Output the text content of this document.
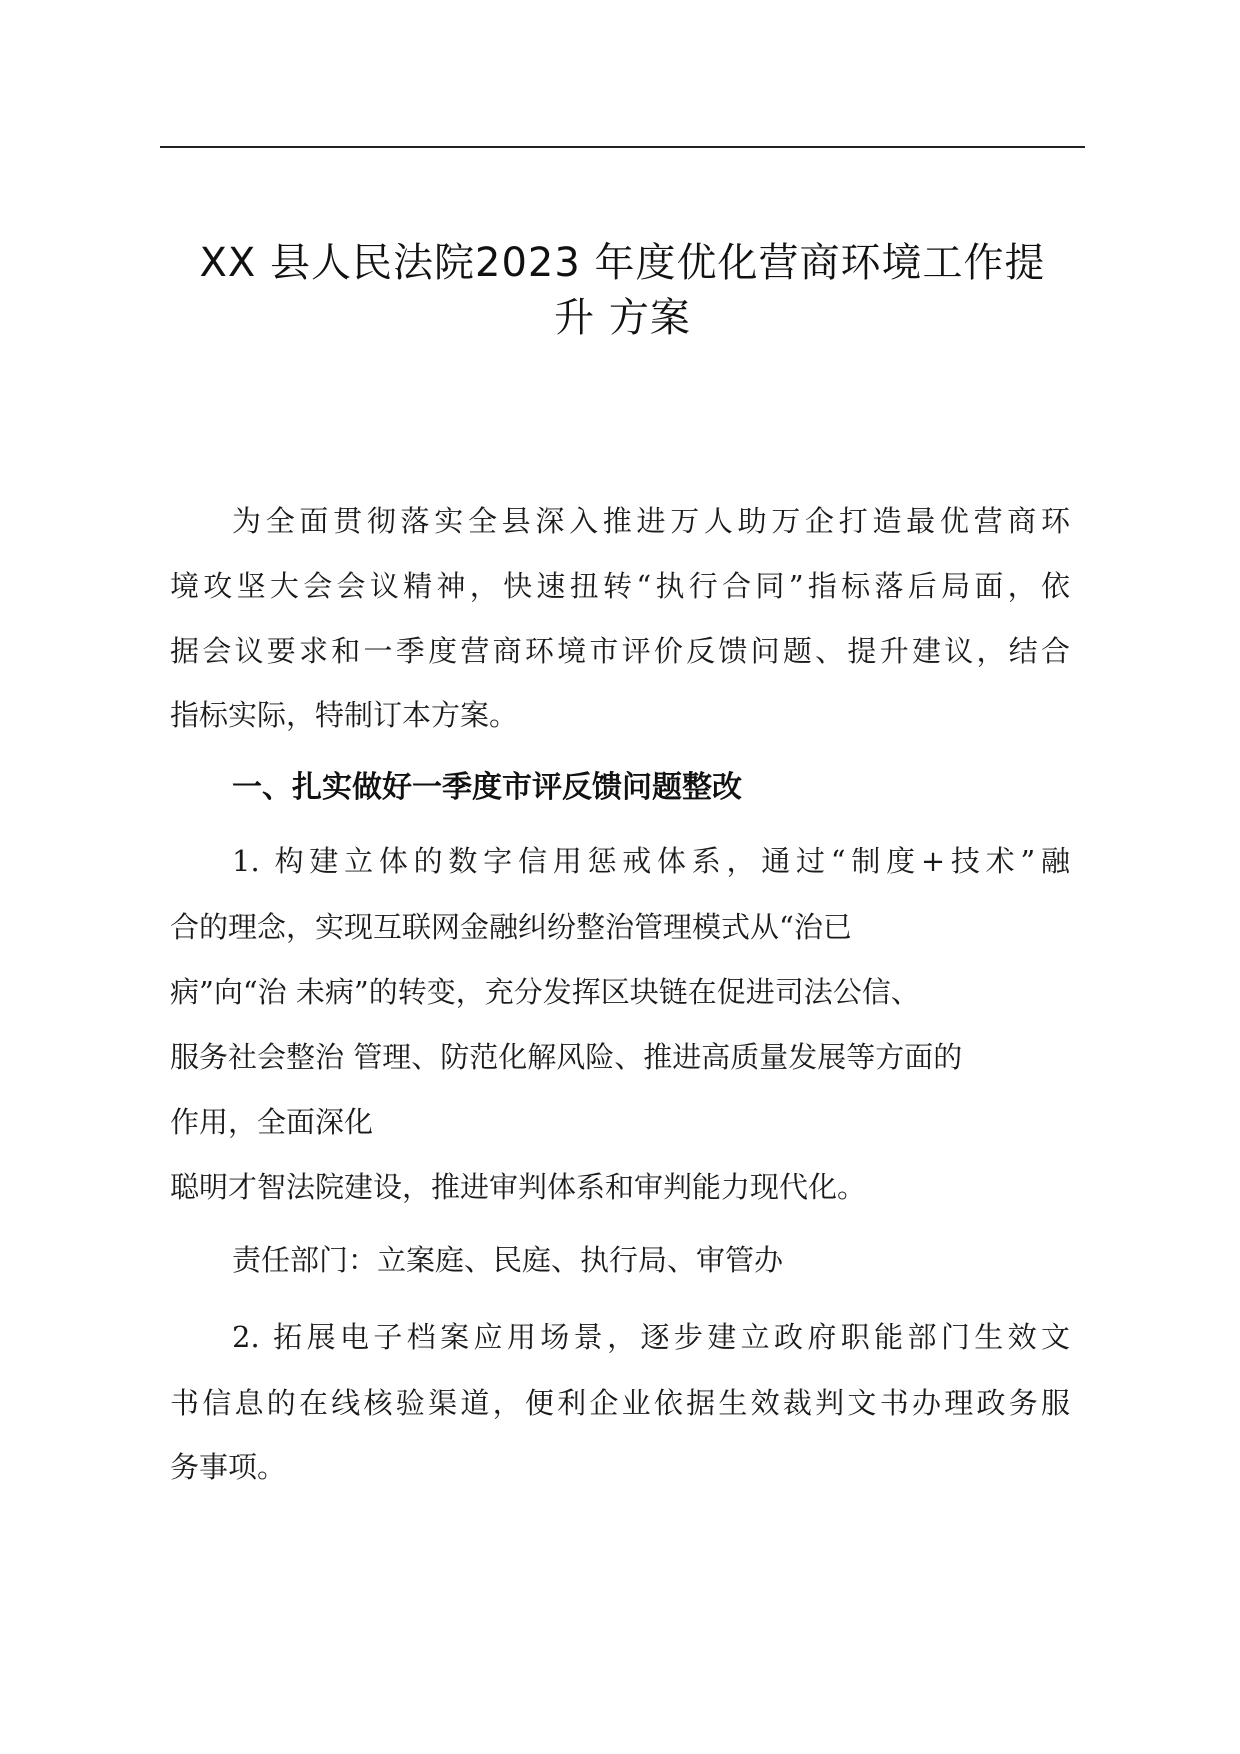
XX 县人民法院2023 年度优化营商环境工作提
升 方案
为全面贯彻落实全县深入推进万人助万企打造最优营商环
境攻坚大会会议精神，快速扭转“执行合同”指标落后局面，依
据会议要求和一季度营商环境市评价反馈问题、提升建议，结合
指标实际，特制订本方案。
一、扎实做好一季度市评反馈问题整改
1. 构建立体的数字信用惩戒体系，通过“制度+技术”融
合的理念，实现互联网金融纠纷整治管理模式从“治已
病”向“治 未病”的转变，充分发挥区块链在促进司法公信、
服务社会整治 管理、防范化解风险、推进高质量发展等方面的
作用，全面深化
聪明才智法院建设，推进审判体系和审判能力现代化。
责任部门：立案庭、民庭、执行局、审管办
2. 拓展电子档案应用场景，逐步建立政府职能部门生效文
书信息的在线核验渠道，便利企业依据生效裁判文书办理政务服
务事项。
